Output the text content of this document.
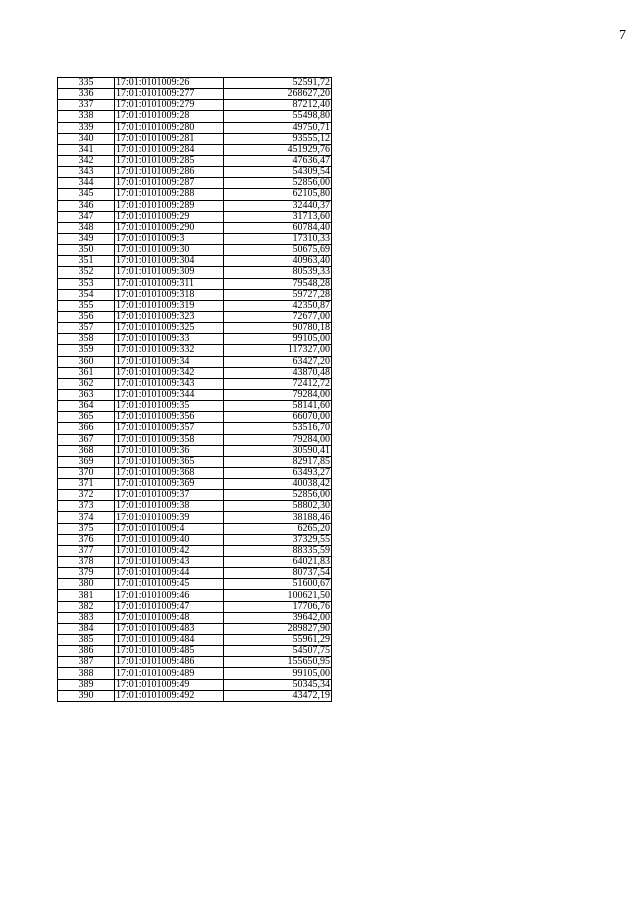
7
335	17:01:0101009:26	52591,72
336	17:01:0101009:277	268627,20
337	17:01:0101009:279	87212,40
338	17:01:0101009:28	55498,80
339	17:01:0101009:280	49750,71
340	17:01:0101009:281	93555,12
341	17:01:0101009:284	451929,76
342	17:01:0101009:285	47636,47
343	17:01:0101009:286	54309,54
344	17:01:0101009:287	52856,00
345	17:01:0101009:288	62105,80
346	17:01:0101009:289	32440,37
347	17:01:0101009:29	31713,60
348	17:01:0101009:290	60784,40
349	17:01:0101009:3	17310,33
350	17:01:0101009:30	50675,69
351	17:01:0101009:304	40963,40
352	17:01:0101009:309	80539,33
353	17:01:0101009:311	79548,28
354	17:01:0101009:318	59727,28
355	17:01:0101009:319	42350,87
356	17:01:0101009:323	72677,00
357	17:01:0101009:325	90780,18
358	17:01:0101009:33	99105,00
359	17:01:0101009:332	117327,00
360	17:01:0101009:34	63427,20
361	17:01:0101009:342	43870,48
362	17:01:0101009:343	72412,72
363	17:01:0101009:344	79284,00
364	17:01:0101009:35	58141,60
365	17:01:0101009:356	66070,00
366	17:01:0101009:357	53516,70
367	17:01:0101009:358	79284,00
368	17:01:0101009:36	30590,41
369	17:01:0101009:365	82917,85
370	17:01:0101009:368	63493,27
371	17:01:0101009:369	40038,42
372	17:01:0101009:37	52856,00
373	17:01:0101009:38	58802,30
374	17:01:0101009:39	38188,46
375	17:01:0101009:4	6265,20
376	17:01:0101009:40	37329,55
377	17:01:0101009:42	88335,59
378	17:01:0101009:43	64021,83
379	17:01:0101009:44	80737,54
380	17:01:0101009:45	51600,67
381	17:01:0101009:46	100621,50
382	17:01:0101009:47	17706,76
383	17:01:0101009:48	39642,00
384	17:01:0101009:483	289827,90
385	17:01:0101009:484	55961,29
386	17:01:0101009:485	54507,75
387	17:01:0101009:486	155650,95
388	17:01:0101009:489	99105,00
389	17:01:0101009:49	50345,34
390	17:01:0101009:492	43472,19
